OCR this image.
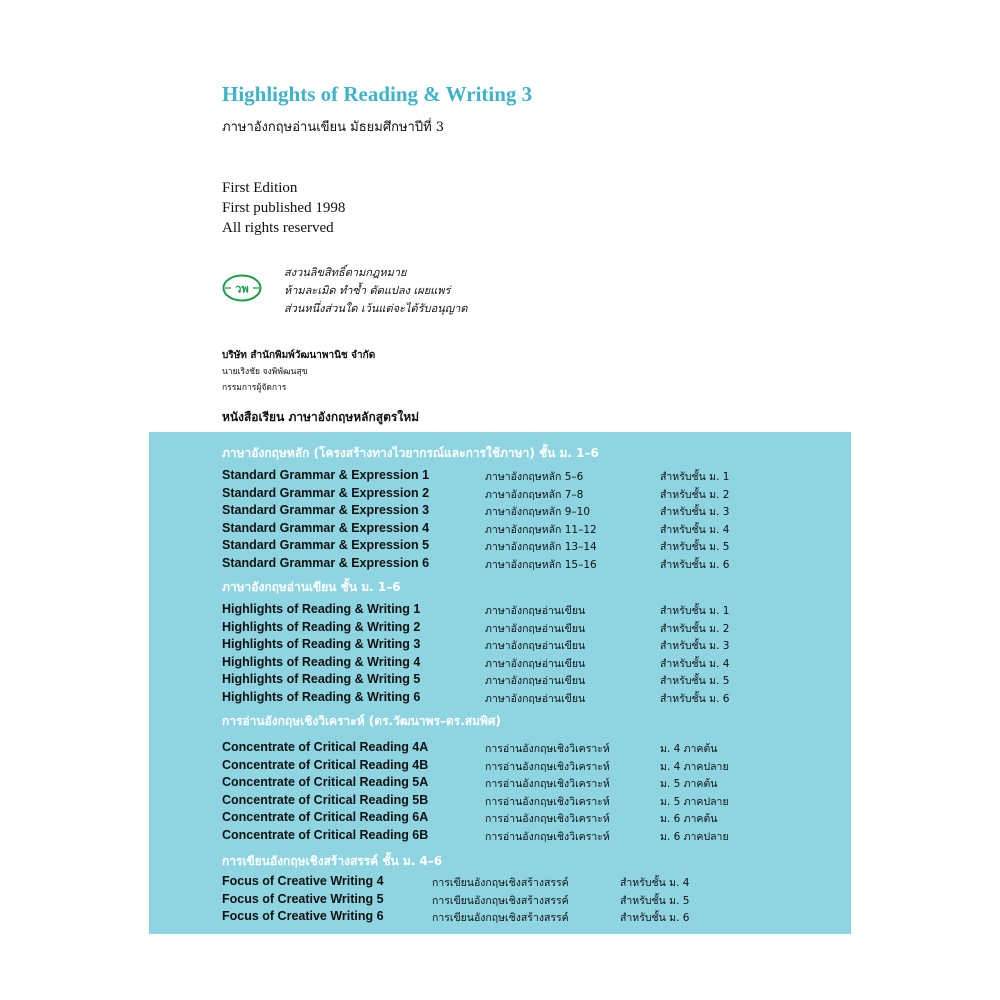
Highlights of Reading & Writing 3
ภาษาอังกฤษอ่านเขียน มัธยมศึกษาปีที่ 3
First Edition
First published 1998
All rights reserved
วพ
สงวนลิขสิทธิ์ตามกฎหมาย
ห้ามละเมิด ทำซ้ำ ดัดแปลง เผยแพร่
ส่วนหนึ่งส่วนใด เว้นแต่จะได้รับอนุญาต
บริษัท สำนักพิมพ์วัฒนาพานิช จำกัด
นายเริงชัย จงพิพัฒนสุข
กรรมการผู้จัดการ
หนังสือเรียน ภาษาอังกฤษหลักสูตรใหม่
ภาษาอังกฤษหลัก (โครงสร้างทางไวยากรณ์และการใช้ภาษา) ชั้น ม. 1–6
Standard Grammar & Expression 1	ภาษาอังกฤษหลัก 5–6	สำหรับชั้น ม. 1
Standard Grammar & Expression 2	ภาษาอังกฤษหลัก 7–8	สำหรับชั้น ม. 2
Standard Grammar & Expression 3	ภาษาอังกฤษหลัก 9–10	สำหรับชั้น ม. 3
Standard Grammar & Expression 4	ภาษาอังกฤษหลัก 11–12	สำหรับชั้น ม. 4
Standard Grammar & Expression 5	ภาษาอังกฤษหลัก 13–14	สำหรับชั้น ม. 5
Standard Grammar & Expression 6	ภาษาอังกฤษหลัก 15–16	สำหรับชั้น ม. 6
ภาษาอังกฤษอ่านเขียน ชั้น ม. 1–6
Highlights of Reading & Writing 1	ภาษาอังกฤษอ่านเขียน	สำหรับชั้น ม. 1
Highlights of Reading & Writing 2	ภาษาอังกฤษอ่านเขียน	สำหรับชั้น ม. 2
Highlights of Reading & Writing 3	ภาษาอังกฤษอ่านเขียน	สำหรับชั้น ม. 3
Highlights of Reading & Writing 4	ภาษาอังกฤษอ่านเขียน	สำหรับชั้น ม. 4
Highlights of Reading & Writing 5	ภาษาอังกฤษอ่านเขียน	สำหรับชั้น ม. 5
Highlights of Reading & Writing 6	ภาษาอังกฤษอ่านเขียน	สำหรับชั้น ม. 6
การอ่านอังกฤษเชิงวิเคราะห์ (ดร.วัฒนาพร–ดร.สมพิศ)
Concentrate of Critical Reading 4A	การอ่านอังกฤษเชิงวิเคราะห์	ม. 4 ภาคต้น
Concentrate of Critical Reading 4B	การอ่านอังกฤษเชิงวิเคราะห์	ม. 4 ภาคปลาย
Concentrate of Critical Reading 5A	การอ่านอังกฤษเชิงวิเคราะห์	ม. 5 ภาคต้น
Concentrate of Critical Reading 5B	การอ่านอังกฤษเชิงวิเคราะห์	ม. 5 ภาคปลาย
Concentrate of Critical Reading 6A	การอ่านอังกฤษเชิงวิเคราะห์	ม. 6 ภาคต้น
Concentrate of Critical Reading 6B	การอ่านอังกฤษเชิงวิเคราะห์	ม. 6 ภาคปลาย
การเขียนอังกฤษเชิงสร้างสรรค์ ชั้น ม. 4–6
Focus of Creative Writing 4	การเขียนอังกฤษเชิงสร้างสรรค์	สำหรับชั้น ม. 4
Focus of Creative Writing 5	การเขียนอังกฤษเชิงสร้างสรรค์	สำหรับชั้น ม. 5
Focus of Creative Writing 6	การเขียนอังกฤษเชิงสร้างสรรค์	สำหรับชั้น ม. 6
